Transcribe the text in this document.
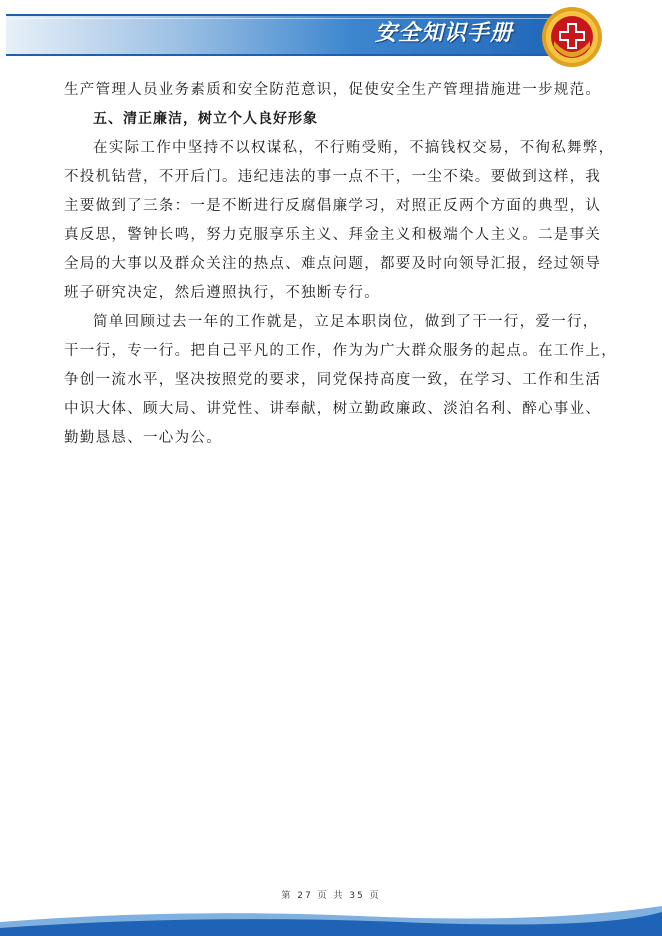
安全知识手册
生产管理人员业务素质和安全防范意识，促使安全生产管理措施进一步规范。
五、清正廉洁，树立个人良好形象
在实际工作中坚持不以权谋私，不行贿受贿，不搞钱权交易，不徇私舞弊，
不投机钻营，不开后门。违纪违法的事一点不干，一尘不染。要做到这样，我
主要做到了三条：一是不断进行反腐倡廉学习，对照正反两个方面的典型，认
真反思，警钟长鸣，努力克服享乐主义、拜金主义和极端个人主义。二是事关
全局的大事以及群众关注的热点、难点问题，都要及时向领导汇报，经过领导
班子研究决定，然后遵照执行，不独断专行。
简单回顾过去一年的工作就是，立足本职岗位，做到了干一行，爱一行，
干一行，专一行。把自己平凡的工作，作为为广大群众服务的起点。在工作上，
争创一流水平，坚决按照党的要求，同党保持高度一致，在学习、工作和生活
中识大体、顾大局、讲党性、讲奉献，树立勤政廉政、淡泊名利、醉心事业、
勤勤恳恳、一心为公。
第 27 页 共 35 页
